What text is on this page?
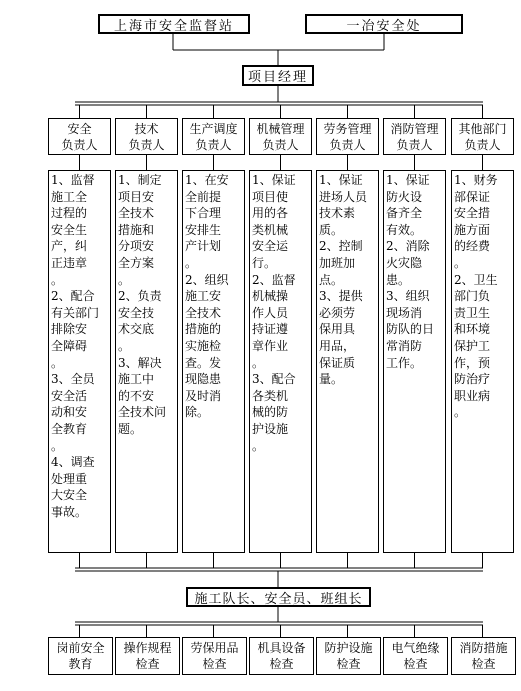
上海市安全监督站	一冶安全处
项目经理
安全
负责人
1、监督
施工全
过程的
安全生
产，纠
正违章
。
2、配合
有关部门
排除安
全障碍
。
3、全员
安全活
动和安
全教育
。
4、调查
处理重
大安全
事故。
技术
负责人
1、制定
项目安
全技术
措施和
分项安
全方案
。
2、负责
安全技
术交底
。
3、解决
施工中
的不安
全技术问
题。
生产调度
负责人
1、在安
全前提
下合理
安排生
产计划
。
2、组织
施工安
全技术
措施的
实施检
查。发
现隐患
及时消
除。
机械管理
负责人
1、保证
项目使
用的各
类机械
安全运
行。
2、监督
机械操
作人员
持证遵
章作业
。
3、配合
各类机
械的防
护设施
。
劳务管理
负责人
1、保证
进场人员
技术素
质。
2、控制
加班加
点。
3、提供
必须劳
保用具
用品，
保证质
量。
消防管理
负责人
1、保证
防火设
备齐全
有效。
2、消除
火灾隐
患。
3、组织
现场消
防队的日
常消防
工作。
其他部门
负责人
1、财务
部保证
安全措
施方面
的经费
。
2、卫生
部门负
责卫生
和环境
保护工
作，预
防治疗
职业病
。
施工队长、安全员、班组长
岗前安全
教育
操作规程
检查
劳保用品
检查
机具设备
检查
防护设施
检查
电气绝缘
检查
消防措施
检查
